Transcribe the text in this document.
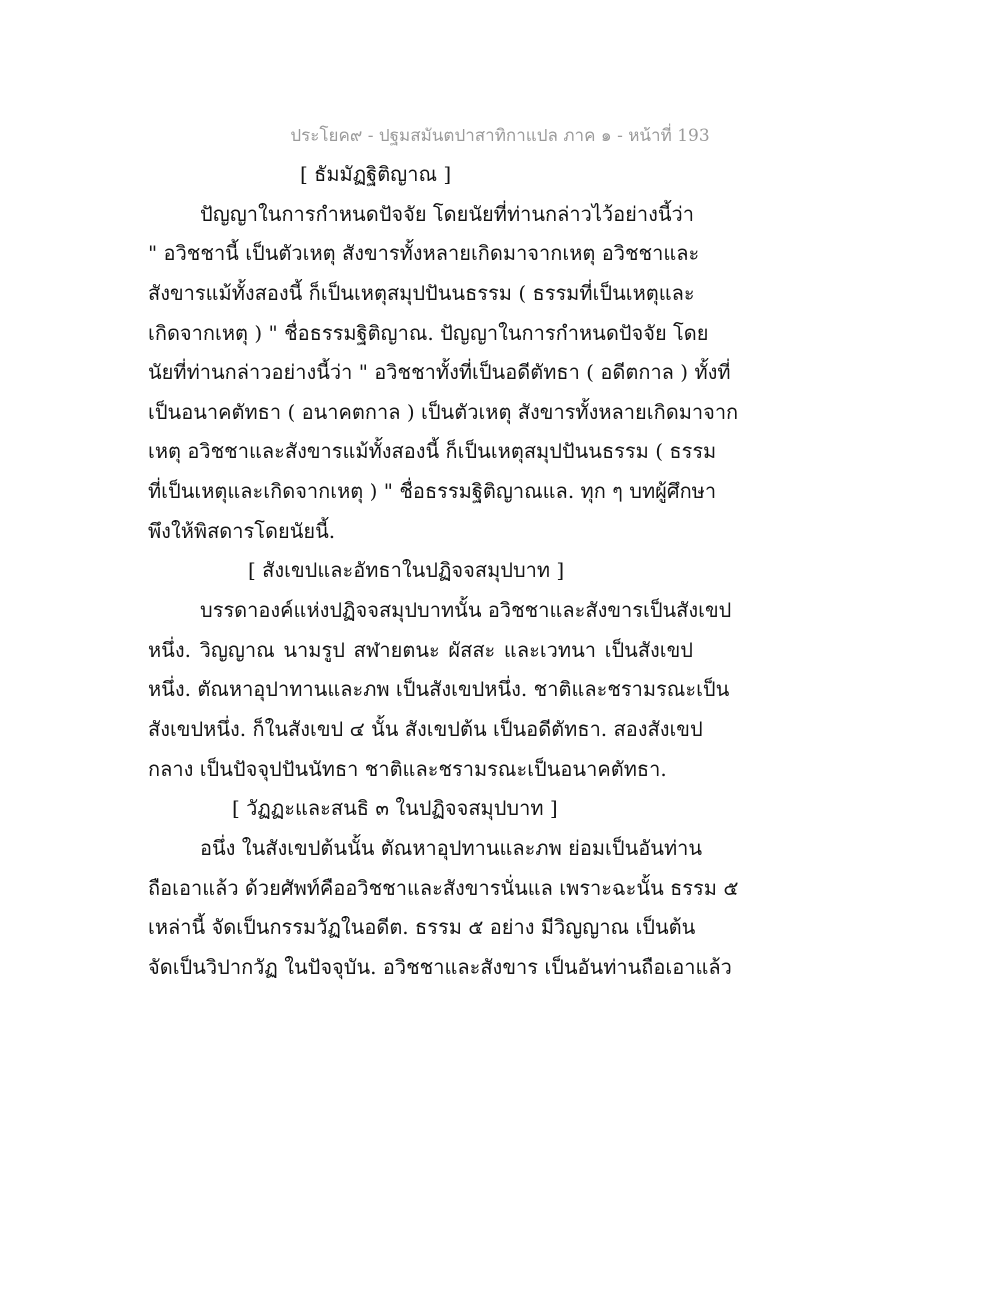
ประโยค๙ - ปฐมสมันตปาสาทิกาแปล ภาค ๑ - หน้าที่ 193
[ ธัมมัฏฐิติญาณ ]
ปัญญาในการกำหนดปัจจัย โดยนัยที่ท่านกล่าวไว้อย่างนี้ว่า
" อวิชชานี้ เป็นตัวเหตุ สังขารทั้งหลายเกิดมาจากเหตุ อวิชชาและ
สังขารแม้ทั้งสองนี้ ก็เป็นเหตุสมุปปันนธรรม ( ธรรมที่เป็นเหตุและ
เกิดจากเหตุ ) " ชื่อธรรมฐิติญาณ. ปัญญาในการกำหนดปัจจัย โดย
นัยที่ท่านกล่าวอย่างนี้ว่า " อวิชชาทั้งที่เป็นอดีตัทธา ( อดีตกาล ) ทั้งที่
เป็นอนาคตัทธา ( อนาคตกาล ) เป็นตัวเหตุ สังขารทั้งหลายเกิดมาจาก
เหตุ อวิชชาและสังขารแม้ทั้งสองนี้ ก็เป็นเหตุสมุปปันนธรรม ( ธรรม
ที่เป็นเหตุและเกิดจากเหตุ ) " ชื่อธรรมฐิติญาณแล. ทุก ๆ บทผู้ศึกษา
พึงให้พิสดารโดยนัยนี้.
[ สังเขปและอัทธาในปฏิจจสมุปบาท ]
บรรดาองค์แห่งปฏิจจสมุปบาทนั้น อวิชชาและสังขารเป็นสังเขป
หนึ่ง. วิญญาณ นามรูป สฬายตนะ ผัสสะ และเวทนา เป็นสังเขป
หนึ่ง. ตัณหาอุปาทานและภพ เป็นสังเขปหนึ่ง. ชาติและชรามรณะเป็น
สังเขปหนึ่ง. ก็ในสังเขป ๔ นั้น สังเขปต้น เป็นอดีตัทธา. สองสังเขป
กลาง เป็นปัจจุปปันนัทธา ชาติและชรามรณะเป็นอนาคตัทธา.
[ วัฏฏะและสนธิ ๓ ในปฏิจจสมุปบาท ]
อนึ่ง ในสังเขปต้นนั้น ตัณหาอุปทานและภพ ย่อมเป็นอันท่าน
ถือเอาแล้ว ด้วยศัพท์คืออวิชชาและสังขารนั่นแล เพราะฉะนั้น ธรรม ๕
เหล่านี้ จัดเป็นกรรมวัฏในอดีต. ธรรม ๕ อย่าง มีวิญญาณ เป็นต้น
จัดเป็นวิปากวัฏ ในปัจจุบัน. อวิชชาและสังขาร เป็นอันท่านถือเอาแล้ว
